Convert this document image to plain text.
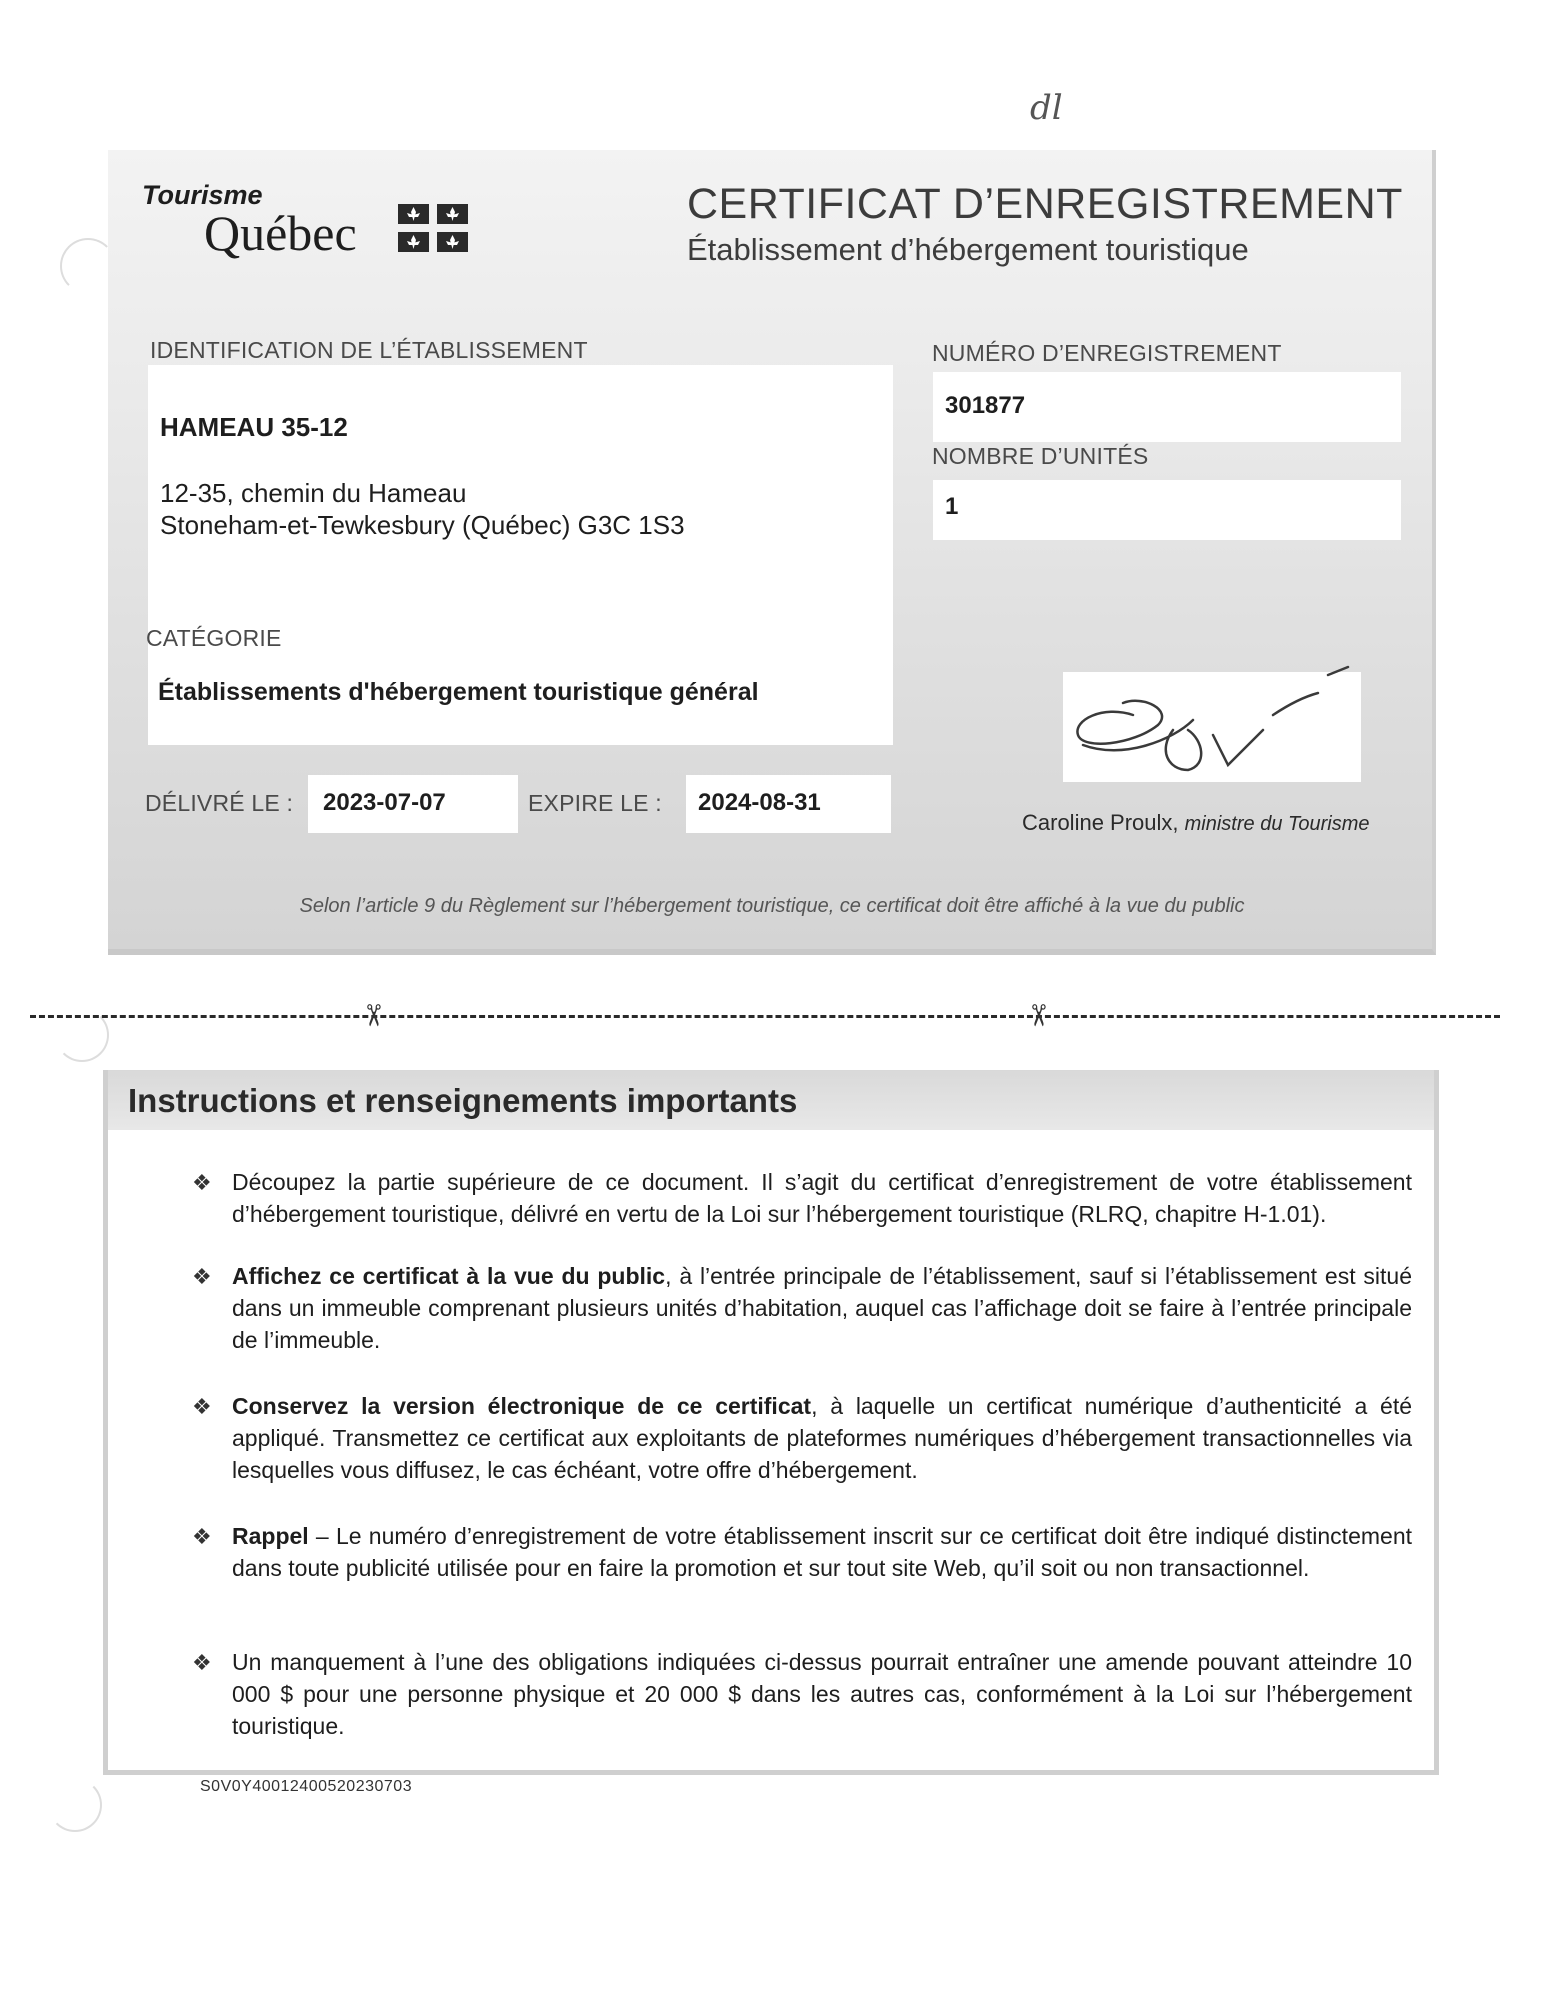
dl
Selon l’article 9 du Règlement sur l’hébergement touristique, ce certificat doit être affiché à la vue du public
Tourisme
Québec
CERTIFICAT D’ENREGISTREMENT
Établissement d’hébergement touristique
IDENTIFICATION DE L’ÉTABLISSEMENT
HAMEAU 35-12
12-35, chemin du Hameau
Stoneham-et-Tewkesbury (Québec) G3C 1S3
NUMÉRO D’ENREGISTREMENT
301877
NOMBRE D’UNITÉS
1
CATÉGORIE
Établissements d'hébergement touristique général
DÉLIVRÉ LE : 2023-07-07	EXPIRE LE : 2024-08-31
Caroline Proulx, ministre du Tourisme
✂	✂
Instructions et renseignements importants
❖ Découpez la partie supérieure de ce document. Il s’agit du certificat d’enregistrement de votre établissement d’hébergement touristique, délivré en vertu de la Loi sur l’hébergement touristique (RLRQ, chapitre H-1.01).
❖ Affichez ce certificat à la vue du public, à l’entrée principale de l’établissement, sauf si l’établissement est situé dans un immeuble comprenant plusieurs unités d’habitation, auquel cas l’affichage doit se faire à l’entrée principale de l’immeuble.
❖ Conservez la version électronique de ce certificat, à laquelle un certificat numérique d’authenticité a été appliqué. Transmettez ce certificat aux exploitants de plateformes numériques d’hébergement transactionnelles via lesquelles vous diffusez, le cas échéant, votre offre d’hébergement.
❖ Rappel – Le numéro d’enregistrement de votre établissement inscrit sur ce certificat doit être indiqué distinctement dans toute publicité utilisée pour en faire la promotion et sur tout site Web, qu’il soit ou non transactionnel.
❖ Un manquement à l’une des obligations indiquées ci-dessus pourrait entraîner une amende pouvant atteindre 10 000 $ pour une personne physique et 20 000 $ dans les autres cas, conformément à la Loi sur l’hébergement touristique.
S0V0Y40012400520230703
